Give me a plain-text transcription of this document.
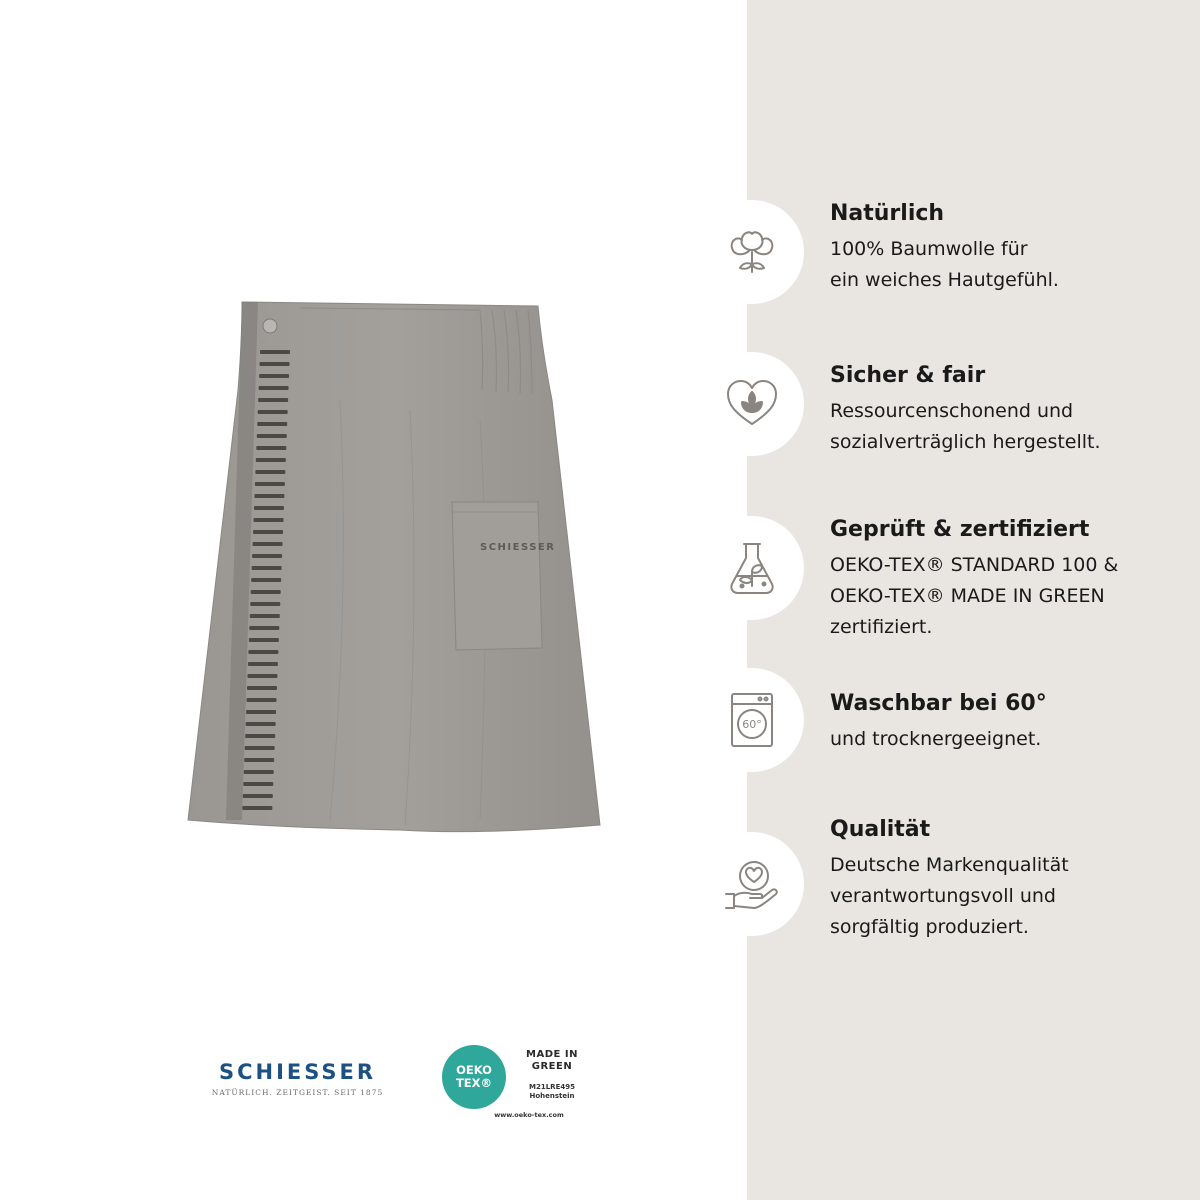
SCHIESSER
SCHIESSER
NATÜRLICH. ZEITGEIST. SEIT 1875
OEKO
TEX®
MADE IN
GREEN
M21LRE495
Hohenstein
www.oeko-tex.com
Natürlich
100% Baumwolle für
ein weiches Hautgefühl.
Sicher & fair
Ressourcenschonend und
sozialverträglich hergestellt.
Geprüft & zertifiziert
OEKO-TEX® STANDARD 100 &
OEKO-TEX® MADE IN GREEN
zertifiziert.
60°
Waschbar bei 60°
und trocknergeeignet.
Qualität
Deutsche Markenqualität
verantwortungsvoll und
sorgfältig produziert.
